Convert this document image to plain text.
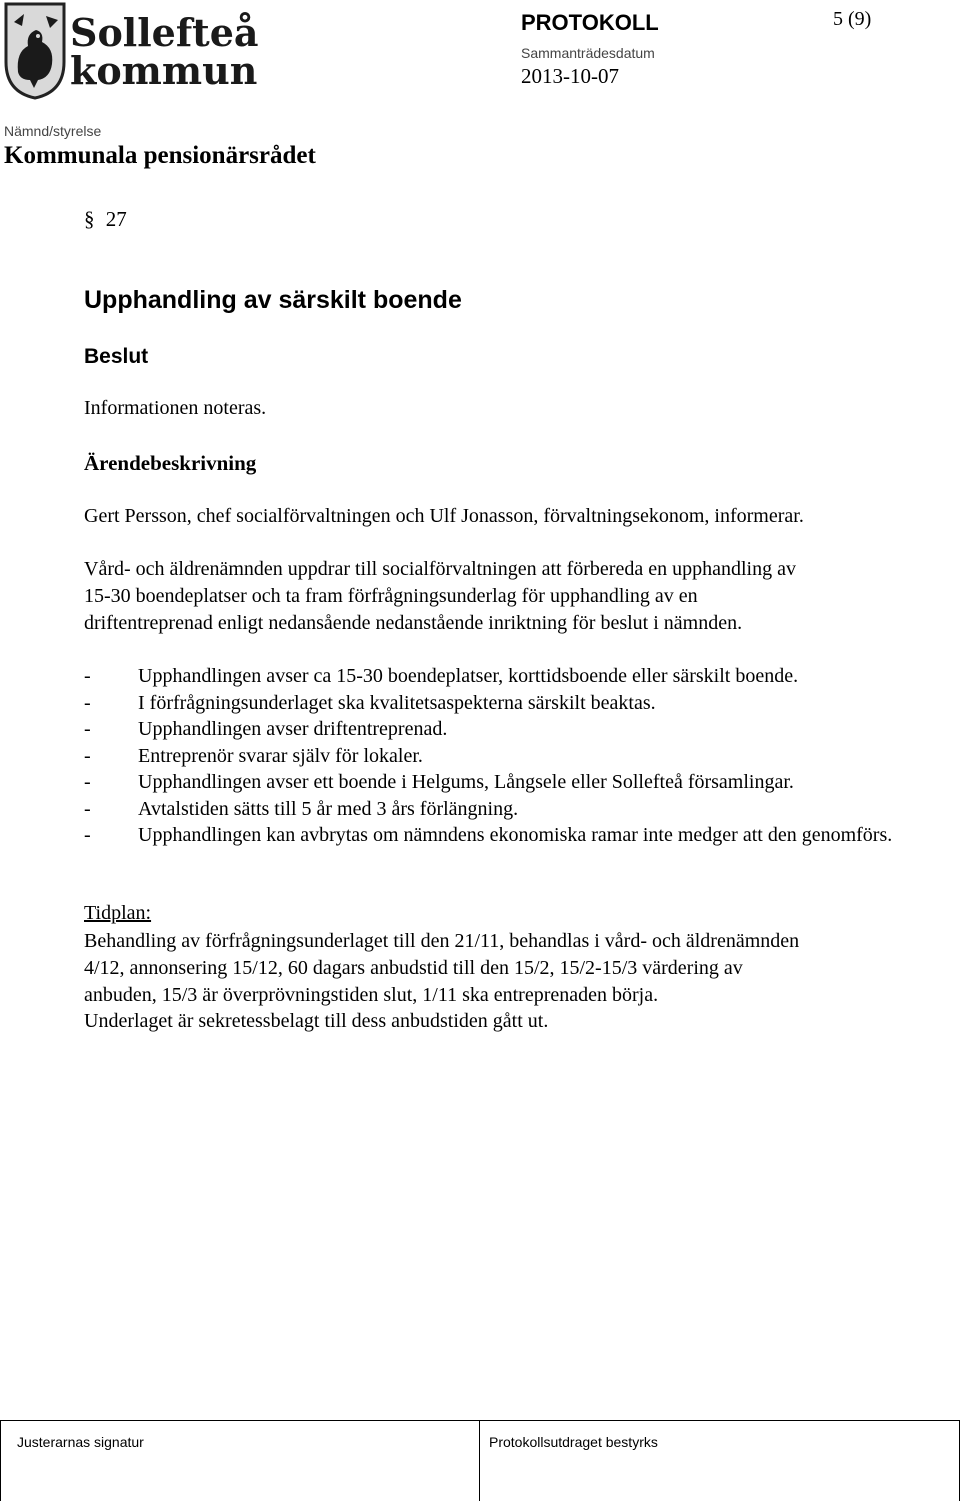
Sollefteå
kommun
PROTOKOLL	5 (9)
Sammanträdesdatum
2013-10-07
Nämnd/styrelse
Kommunala pensionärsrådet
§ 27
Upphandling av särskilt boende
Beslut
Informationen noteras.
Ärendebeskrivning
Gert Persson, chef socialförvaltningen och Ulf Jonasson, förvaltningsekonom, informerar.
Vård- och äldrenämnden uppdrar till socialförvaltningen att förbereda en upphandling av
15-30 boendeplatser och ta fram förfrågningsunderlag för upphandling av en
driftentreprenad enligt nedansående nedanstående inriktning för beslut i nämnden.
-	Upphandlingen avser ca 15-30 boendeplatser, korttidsboende eller särskilt boende.
-	I förfrågningsunderlaget ska kvalitetsaspekterna särskilt beaktas.
-	Upphandlingen avser driftentreprenad.
-	Entreprenör svarar själv för lokaler.
-	Upphandlingen avser ett boende i Helgums, Långsele eller Sollefteå församlingar.
-	Avtalstiden sätts till 5 år med 3 års förlängning.
-	Upphandlingen kan avbrytas om nämndens ekonomiska ramar inte medger att den genomförs.
Tidplan:
Behandling av förfrågningsunderlaget till den 21/11, behandlas i vård- och äldrenämnden
4/12, annonsering 15/12, 60 dagars anbudstid till den 15/2, 15/2-15/3 värdering av
anbuden, 15/3 är överprövningstiden slut, 1/11 ska entreprenaden börja.
Underlaget är sekretessbelagt till dess anbudstiden gått ut.
Justerarnas signatur	Protokollsutdraget bestyrks
